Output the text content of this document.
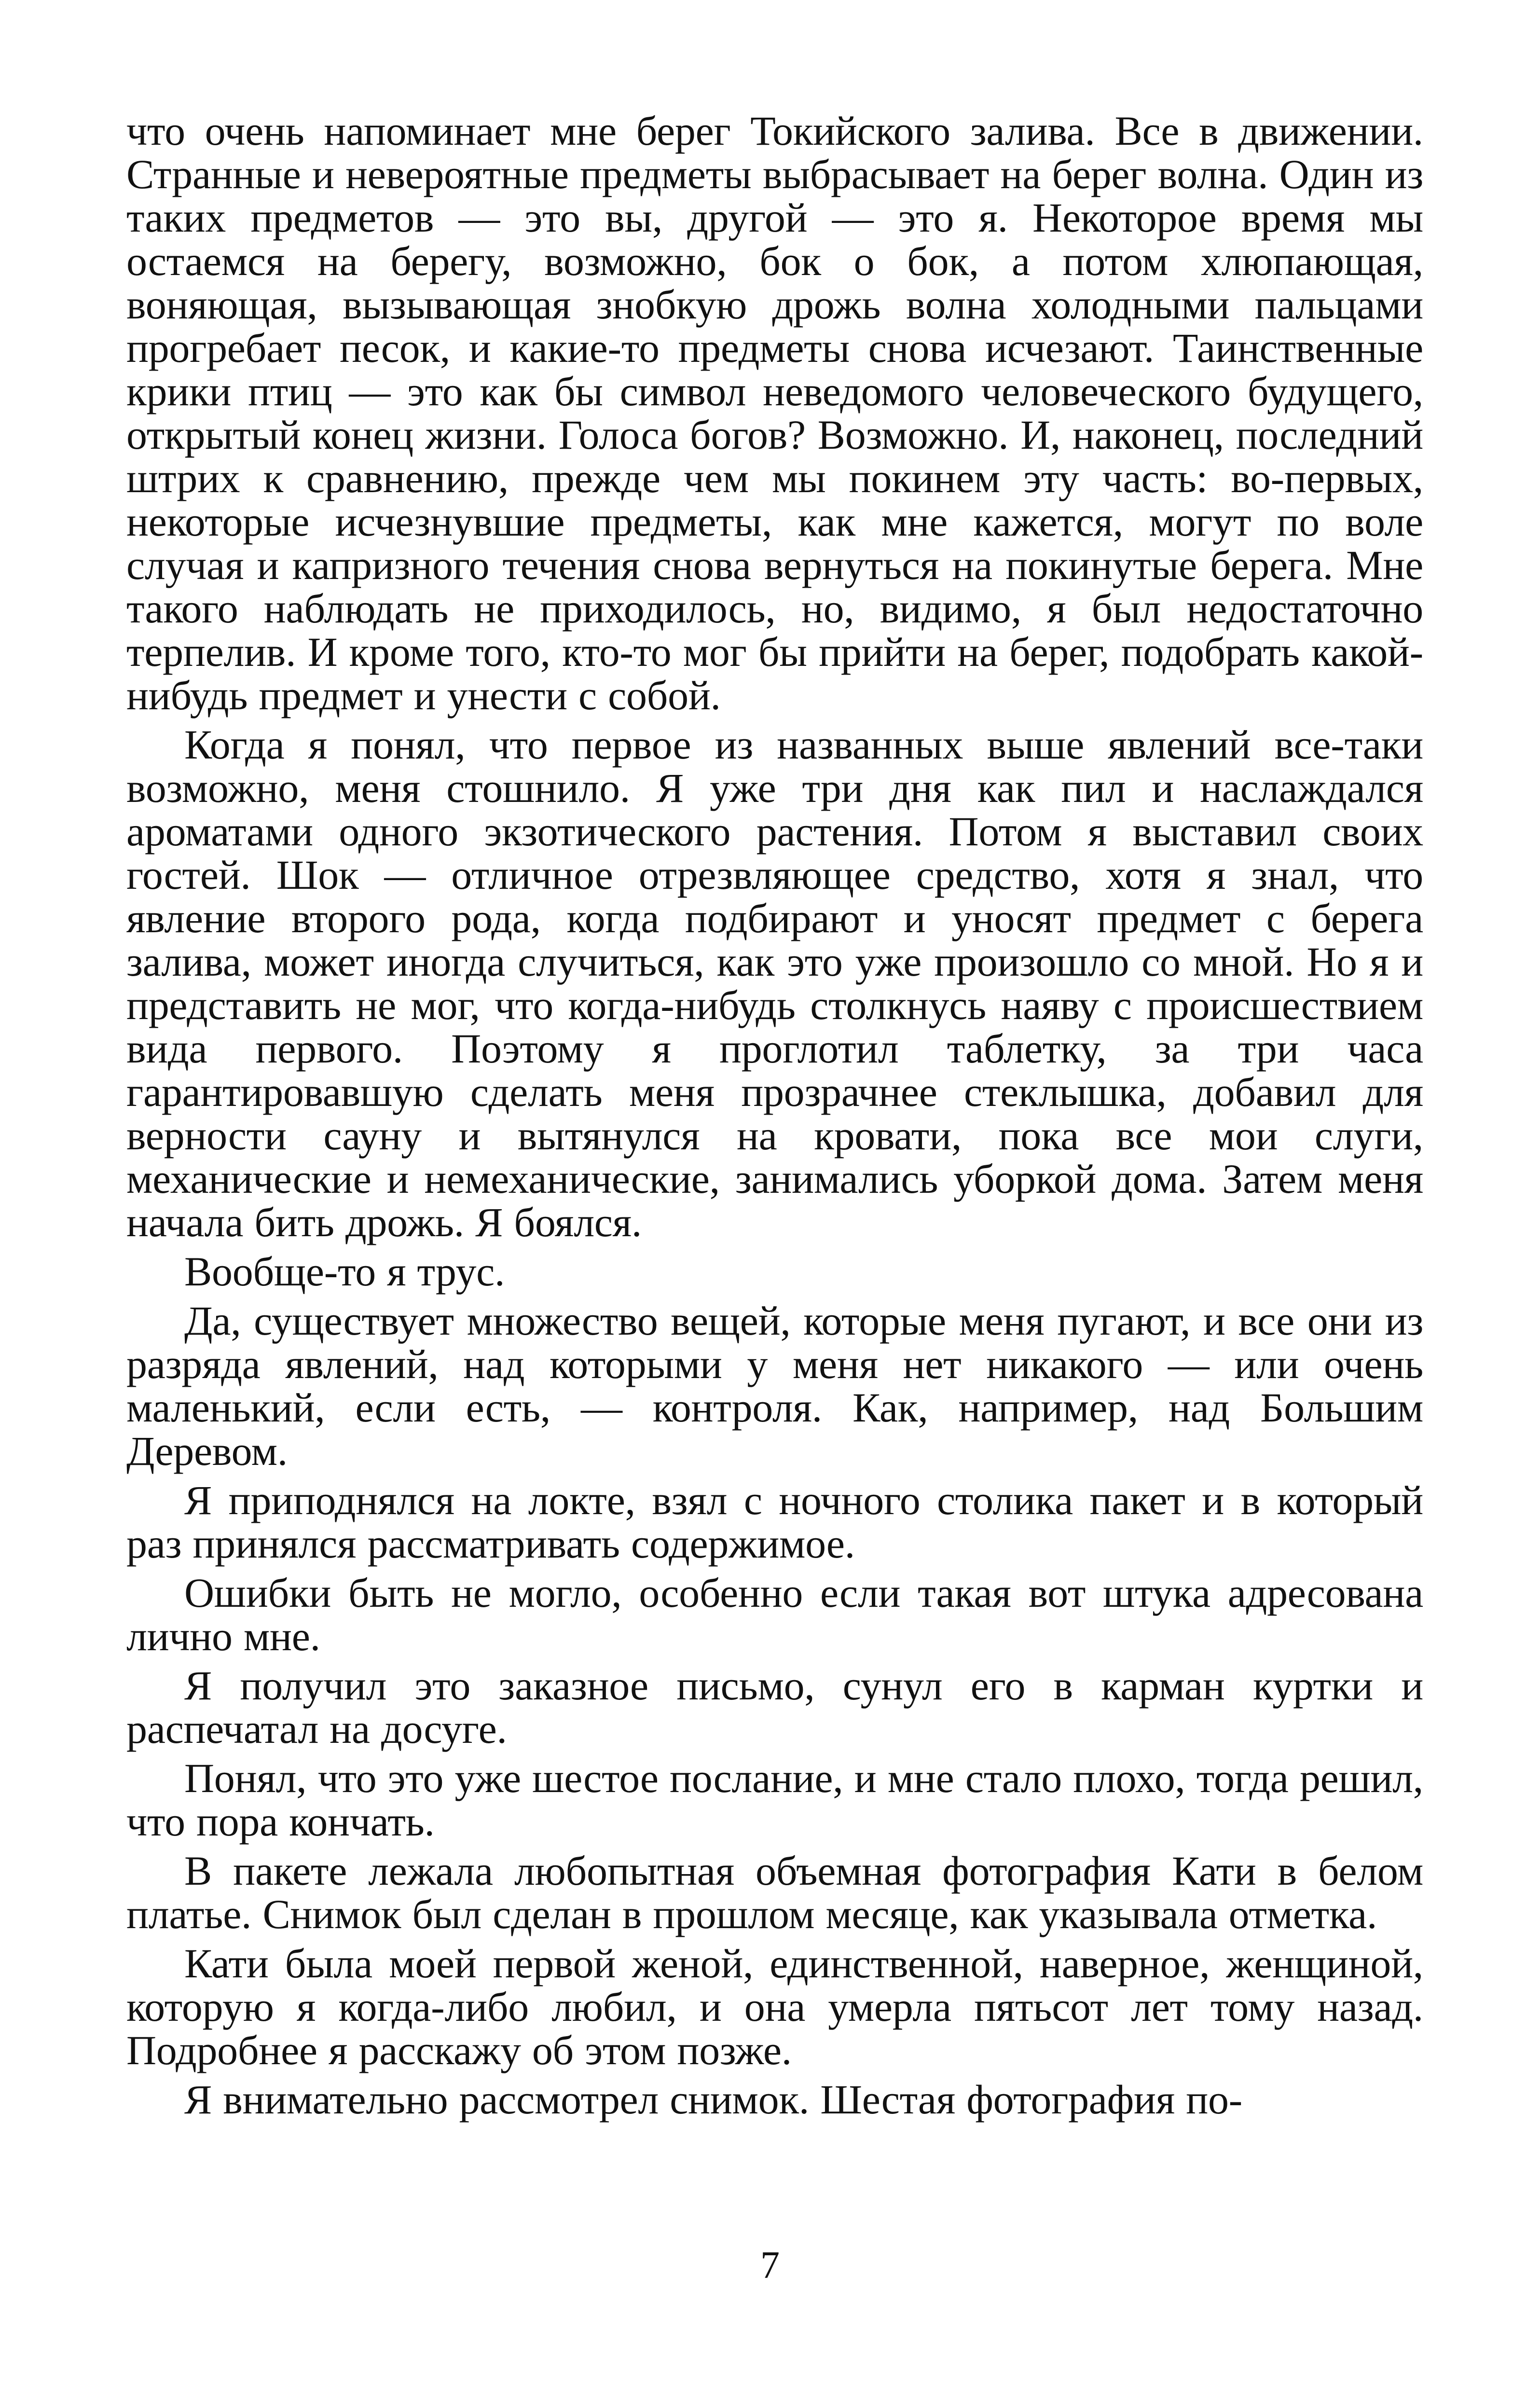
что очень напоминает мне берег Токийского залива. Все в движении. Странные и невероятные предметы выбрасывает на берег волна. Один из таких предметов — это вы, другой — это я. Некоторое время мы остаемся на берегу, возможно, бок о бок, а потом хлюпающая, воняющая, вызывающая знобкую дрожь волна холодными пальцами прогребает песок, и какие-то предметы снова исчезают. Таинственные крики птиц — это как бы символ неведомого человеческого будущего, открытый конец жизни. Голоса богов? Возможно. И, наконец, последний штрих к сравнению, прежде чем мы покинем эту часть: во-первых, некоторые исчезнувшие предметы, как мне кажется, могут по воле случая и капризного течения снова вернуться на покинутые берега. Мне такого наблюдать не приходилось, но, видимо, я был недостаточно терпелив. И кроме того, кто-то мог бы прийти на берег, подобрать какой-нибудь предмет и унести с собой.

Когда я понял, что первое из названных выше явлений все-таки возможно, меня стошнило. Я уже три дня как пил и наслаждался ароматами одного экзотического растения. Потом я выставил своих гостей. Шок — отличное отрезвляющее средство, хотя я знал, что явление второго рода, когда подбирают и уносят предмет с берега залива, может иногда случиться, как это уже произошло со мной. Но я и представить не мог, что когда-нибудь столкнусь наяву с происшествием вида первого. Поэтому я проглотил таблетку, за три часа гарантировавшую сделать меня прозрачнее стеклышка, добавил для верности сауну и вытянулся на кровати, пока все мои слуги, механические и немеханические, занимались уборкой дома. Затем меня начала бить дрожь. Я боялся.

Вообще-то я трус.

Да, существует множество вещей, которые меня пугают, и все они из разряда явлений, над которыми у меня нет никакого — или очень маленький, если есть, — контроля. Как, например, над Большим Деревом.

Я приподнялся на локте, взял с ночного столика пакет и в который раз принялся рассматривать содержимое.

Ошибки быть не могло, особенно если такая вот штука адресована лично мне.

Я получил это заказное письмо, сунул его в карман куртки и распечатал на досуге.

Понял, что это уже шестое послание, и мне стало плохо, тогда решил, что пора кончать.

В пакете лежала любопытная объемная фотография Кати в белом платье. Снимок был сделан в прошлом месяце, как указывала отметка.

Кати была моей первой женой, единственной, наверное, женщиной, которую я когда-либо любил, и она умерла пятьсот лет тому назад. Подробнее я расскажу об этом позже.

Я внимательно рассмотрел снимок. Шестая фотография по-

7
